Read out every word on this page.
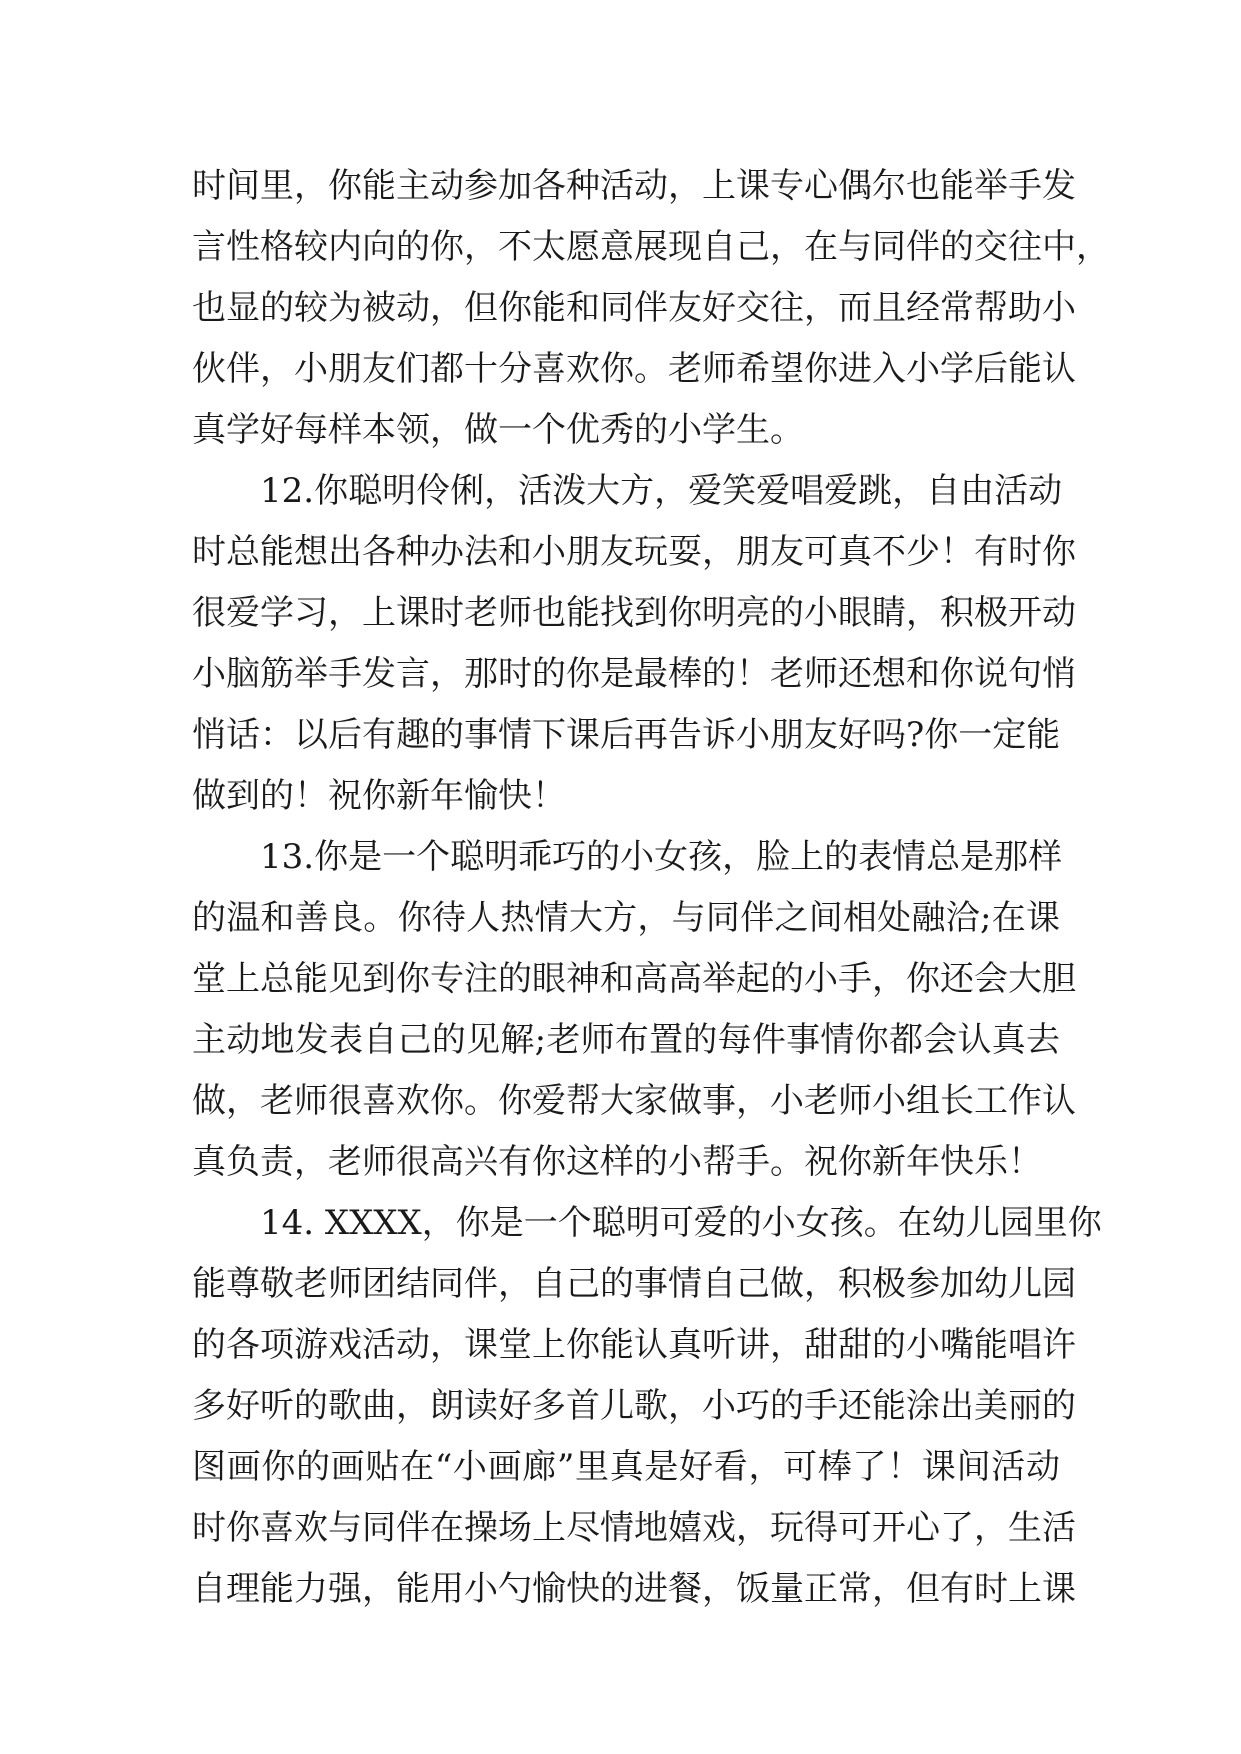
时间里，你能主动参加各种活动，上课专心偶尔也能举手发
言性格较内向的你，不太愿意展现自己，在与同伴的交往中，
也显的较为被动，但你能和同伴友好交往，而且经常帮助小
伙伴，小朋友们都十分喜欢你。老师希望你进入小学后能认
真学好每样本领，做一个优秀的小学生。
12.你聪明伶俐，活泼大方，爱笑爱唱爱跳，自由活动
时总能想出各种办法和小朋友玩耍，朋友可真不少！有时你
很爱学习，上课时老师也能找到你明亮的小眼睛，积极开动
小脑筋举手发言，那时的你是最棒的！老师还想和你说句悄
悄话：以后有趣的事情下课后再告诉小朋友好吗?你一定能
做到的！祝你新年愉快！
13.你是一个聪明乖巧的小女孩，脸上的表情总是那样
的温和善良。你待人热情大方，与同伴之间相处融洽;在课
堂上总能见到你专注的眼神和高高举起的小手，你还会大胆
主动地发表自己的见解;老师布置的每件事情你都会认真去
做，老师很喜欢你。你爱帮大家做事，小老师小组长工作认
真负责，老师很高兴有你这样的小帮手。祝你新年快乐！
14. XXXX，你是一个聪明可爱的小女孩。在幼儿园里你
能尊敬老师团结同伴，自己的事情自己做，积极参加幼儿园
的各项游戏活动，课堂上你能认真听讲，甜甜的小嘴能唱许
多好听的歌曲，朗读好多首儿歌，小巧的手还能涂出美丽的
图画你的画贴在“小画廊”里真是好看，可棒了！课间活动
时你喜欢与同伴在操场上尽情地嬉戏，玩得可开心了，生活
自理能力强，能用小勺愉快的进餐，饭量正常，但有时上课
